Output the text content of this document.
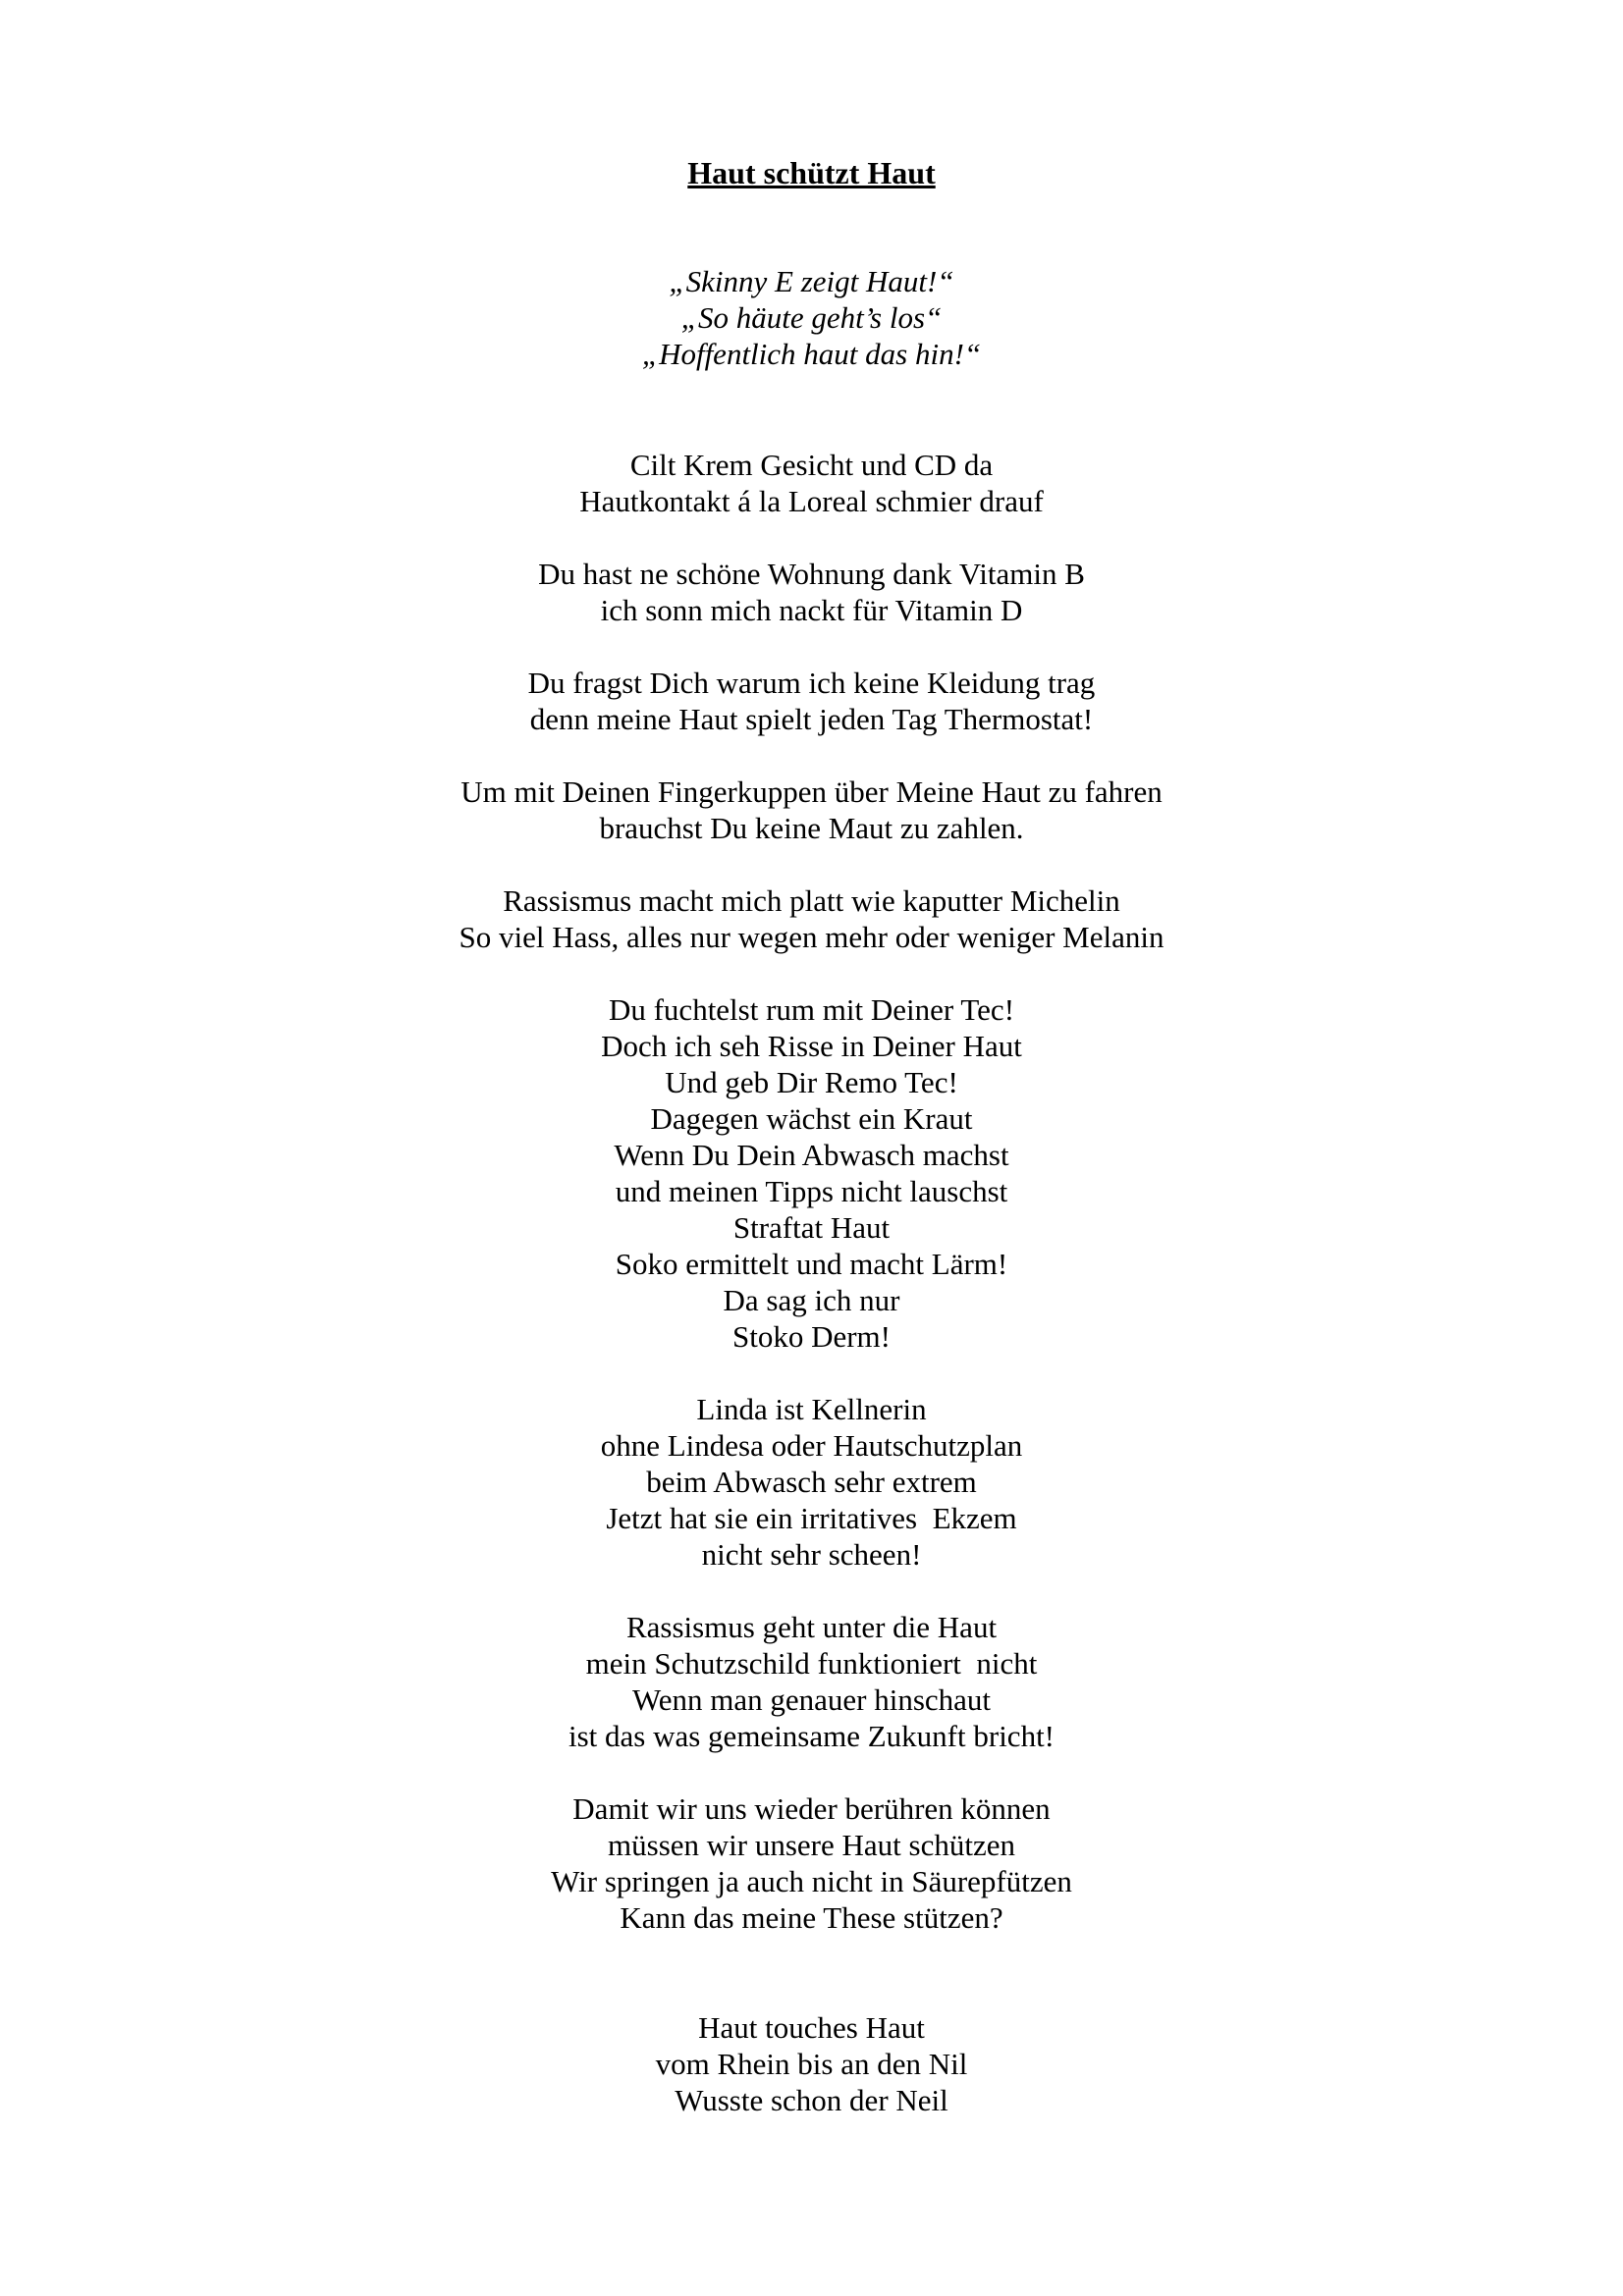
Haut schützt Haut
„Skinny E zeigt Haut!“
„So häute geht’s los“
„Hoffentlich haut das hin!“
Cilt Krem Gesicht und CD da
Hautkontakt á la Loreal schmier drauf
Du hast ne schöne Wohnung dank Vitamin B
ich sonn mich nackt für Vitamin D
Du fragst Dich warum ich keine Kleidung trag
denn meine Haut spielt jeden Tag Thermostat!
Um mit Deinen Fingerkuppen über Meine Haut zu fahren
brauchst Du keine Maut zu zahlen.
Rassismus macht mich platt wie kaputter Michelin
So viel Hass, alles nur wegen mehr oder weniger Melanin
Du fuchtelst rum mit Deiner Tec!
Doch ich seh Risse in Deiner Haut
Und geb Dir Remo Tec!
Dagegen wächst ein Kraut
Wenn Du Dein Abwasch machst
und meinen Tipps nicht lauschst
Straftat Haut
Soko ermittelt und macht Lärm!
Da sag ich nur
Stoko Derm!
Linda ist Kellnerin
ohne Lindesa oder Hautschutzplan
beim Abwasch sehr extrem
Jetzt hat sie ein irritatives  Ekzem
nicht sehr scheen!
Rassismus geht unter die Haut
mein Schutzschild funktioniert  nicht
Wenn man genauer hinschaut
ist das was gemeinsame Zukunft bricht!
Damit wir uns wieder berühren können
müssen wir unsere Haut schützen
Wir springen ja auch nicht in Säurepfützen
Kann das meine These stützen?
Haut touches Haut
vom Rhein bis an den Nil
Wusste schon der Neil
